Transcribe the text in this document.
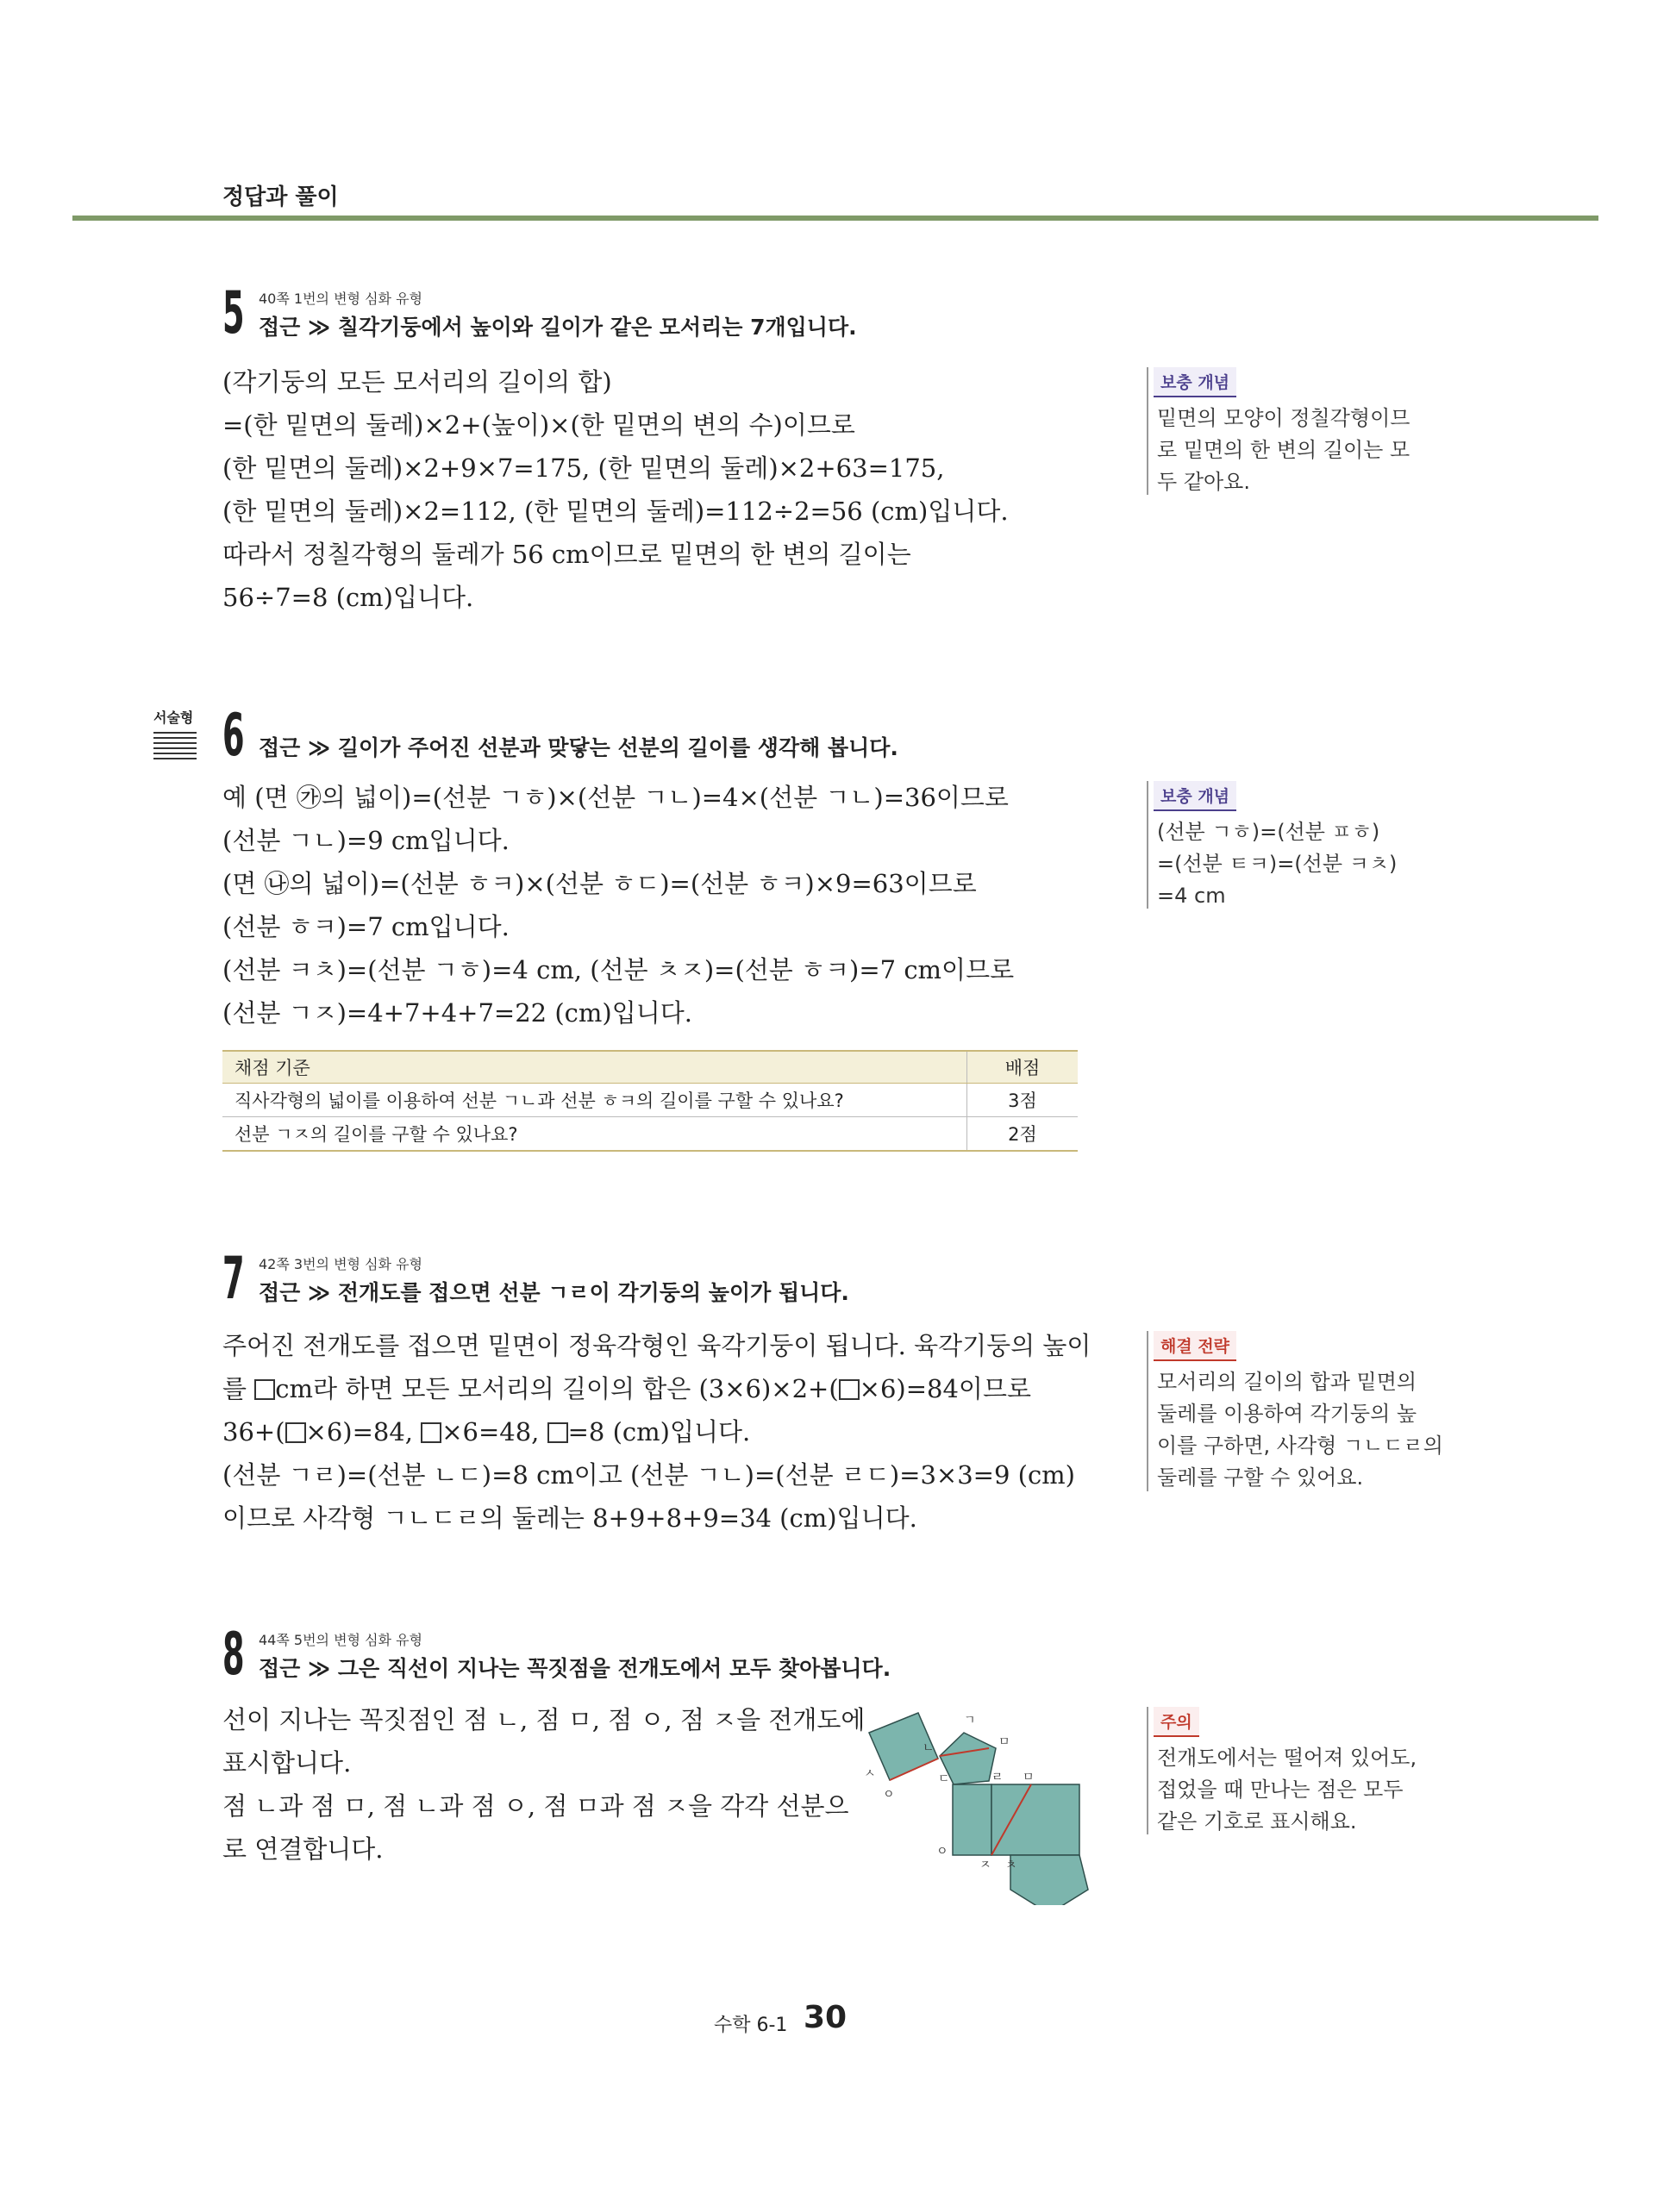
정답과 풀이
5 40쪽 1번의 변형 심화 유형
접근 ≫ 칠각기둥에서 높이와 길이가 같은 모서리는 7개입니다.
(각기둥의 모든 모서리의 길이의 합)
=(한 밑면의 둘레)×2+(높이)×(한 밑면의 변의 수)이므로
(한 밑면의 둘레)×2+9×7=175, (한 밑면의 둘레)×2+63=175,
(한 밑면의 둘레)×2=112, (한 밑면의 둘레)=112÷2=56 (cm)입니다.
따라서 정칠각형의 둘레가 56 cm이므로 밑면의 한 변의 길이는
56÷7=8 (cm)입니다.
보충 개념
밑면의 모양이 정칠각형이므
로 밑면의 한 변의 길이는 모
두 같아요.
서술형 6 접근 ≫ 길이가 주어진 선분과 맞닿는 선분의 길이를 생각해 봅니다.
예 (면 ㉮의 넓이)=(선분 ㄱㅎ)×(선분 ㄱㄴ)=4×(선분 ㄱㄴ)=36이므로
(선분 ㄱㄴ)=9 cm입니다.
(면 ㉯의 넓이)=(선분 ㅎㅋ)×(선분 ㅎㄷ)=(선분 ㅎㅋ)×9=63이므로
(선분 ㅎㅋ)=7 cm입니다.
(선분 ㅋㅊ)=(선분 ㄱㅎ)=4 cm, (선분 ㅊㅈ)=(선분 ㅎㅋ)=7 cm이므로
(선분 ㄱㅈ)=4+7+4+7=22 (cm)입니다.
채점 기준	배점
직사각형의 넓이를 이용하여 선분 ㄱㄴ과 선분 ㅎㅋ의 길이를 구할 수 있나요?	3점
선분 ㄱㅈ의 길이를 구할 수 있나요?	2점
보충 개념
(선분 ㄱㅎ)=(선분 ㅍㅎ)
=(선분 ㅌㅋ)=(선분 ㅋㅊ)
=4 cm
7 42쪽 3번의 변형 심화 유형
접근 ≫ 전개도를 접으면 선분 ㄱㄹ이 각기둥의 높이가 됩니다.
주어진 전개도를 접으면 밑면이 정육각형인 육각기둥이 됩니다. 육각기둥의 높이
를 cm라 하면 모든 모서리의 길이의 합은 (3×6)×2+( ×6)=84이므로
36+( ×6)=84, ×6=48, =8 (cm)입니다.
(선분 ㄱㄹ)=(선분 ㄴㄷ)=8 cm이고 (선분 ㄱㄴ)=(선분 ㄹㄷ)=3×3=9 (cm)
이므로 사각형 ㄱㄴㄷㄹ의 둘레는 8+9+8+9=34 (cm)입니다.
해결 전략
모서리의 길이의 합과 밑면의
둘레를 이용하여 각기둥의 높
이를 구하면, 사각형 ㄱㄴㄷㄹ의
둘레를 구할 수 있어요.
8 44쪽 5번의 변형 심화 유형
접근 ≫ 그은 직선이 지나는 꼭짓점을 전개도에서 모두 찾아봅니다.
선이 지나는 꼭짓점인 점 ㄴ, 점 ㅁ, 점 ㅇ, 점 ㅈ을 전개도에
표시합니다.
점 ㄴ과 점 ㅁ, 점 ㄴ과 점 ㅇ, 점 ㅁ과 점 ㅈ을 각각 선분으
로 연결합니다.
ㄱ
ㄴ	ㅁ
ㅅ	ㄷ	ㄹ ㅁ
ㅇ
ㅇ
ㅈ ㅊ
주의
전개도에서는 떨어져 있어도,
접었을 때 만나는 점은 모두
같은 기호로 표시해요.
수학 6-1 30
